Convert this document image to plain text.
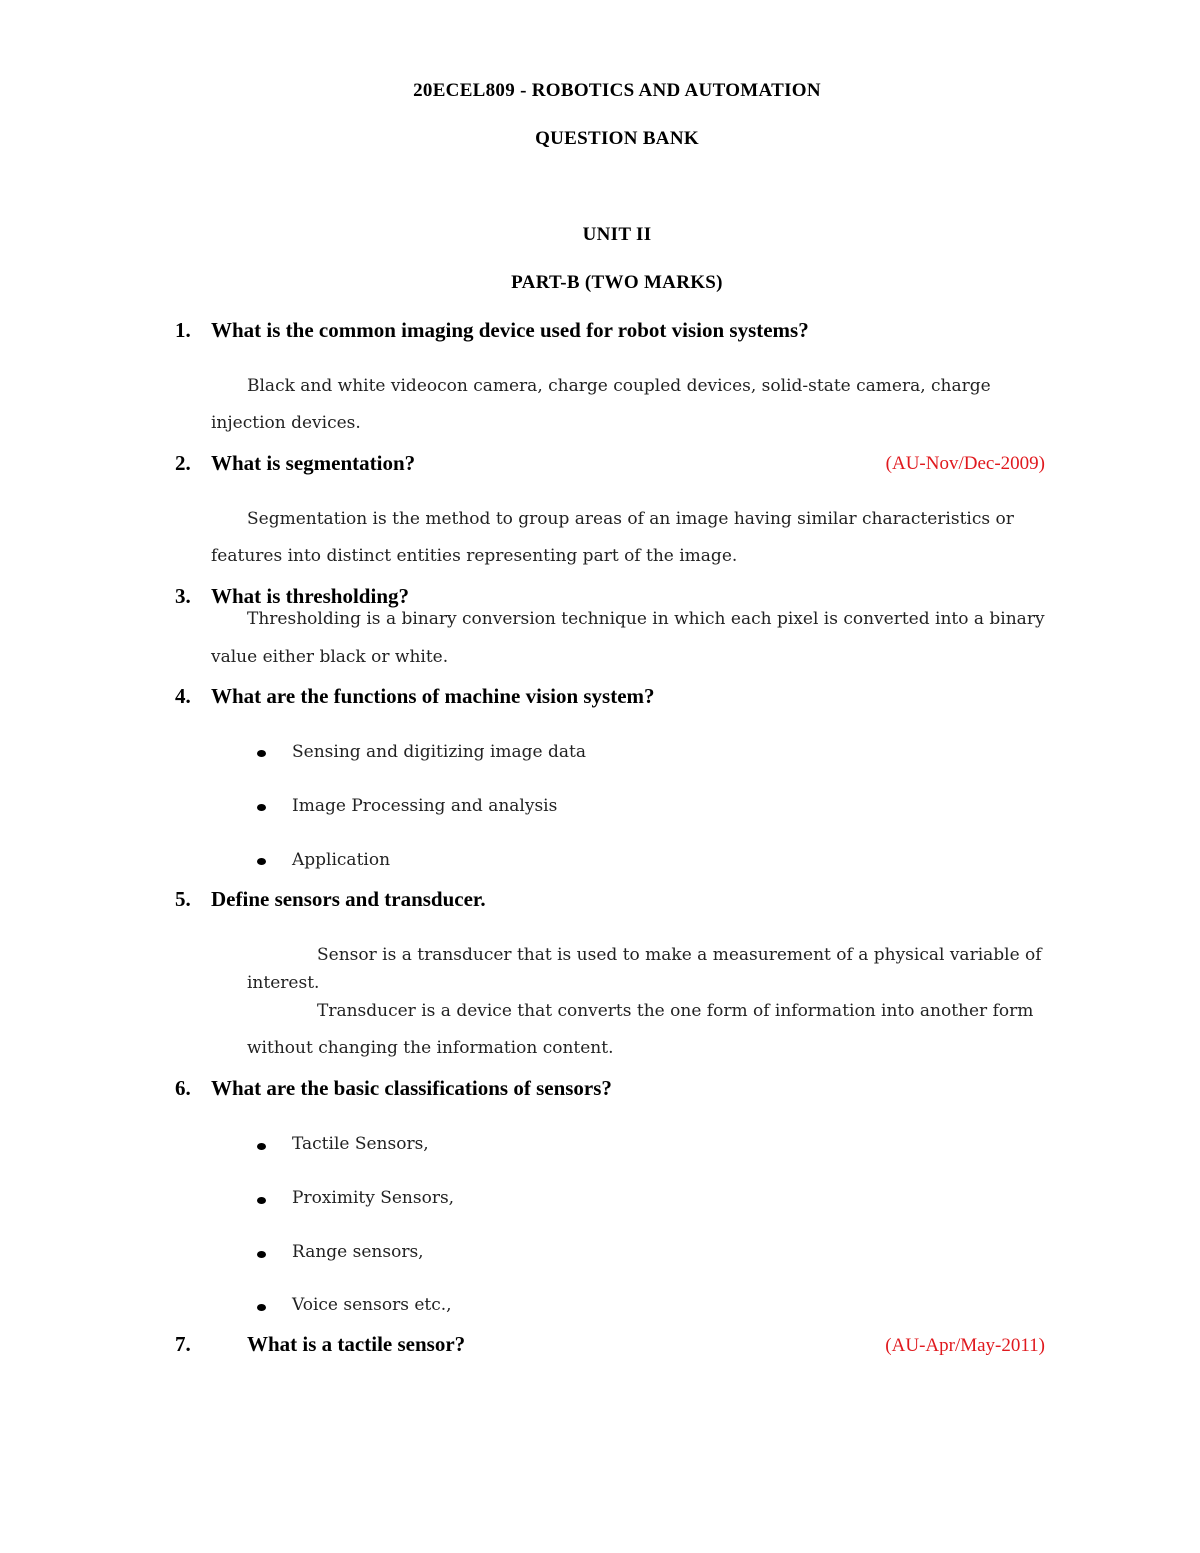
20ECEL809 - ROBOTICS AND AUTOMATION
QUESTION BANK
UNIT II
PART-B (TWO MARKS)
1. What is the common imaging device used for robot vision systems?
Black and white videocon camera, charge coupled devices, solid-state camera, charge
injection devices.
2. What is segmentation?	(AU-Nov/Dec-2009)
Segmentation is the method to group areas of an image having similar characteristics or
features into distinct entities representing part of the image.
3. What is thresholding?
Thresholding is a binary conversion technique in which each pixel is converted into a binary
value either black or white.
4. What are the functions of machine vision system?
Sensing and digitizing image data
Image Processing and analysis
Application
5. Define sensors and transducer.
Sensor is a transducer that is used to make a measurement of a physical variable of
interest.
Transducer is a device that converts the one form of information into another form
without changing the information content.
6. What are the basic classifications of sensors?
Tactile Sensors,
Proximity Sensors,
Range sensors,
Voice sensors etc.,
7.	What is a tactile sensor?	(AU-Apr/May-2011)
